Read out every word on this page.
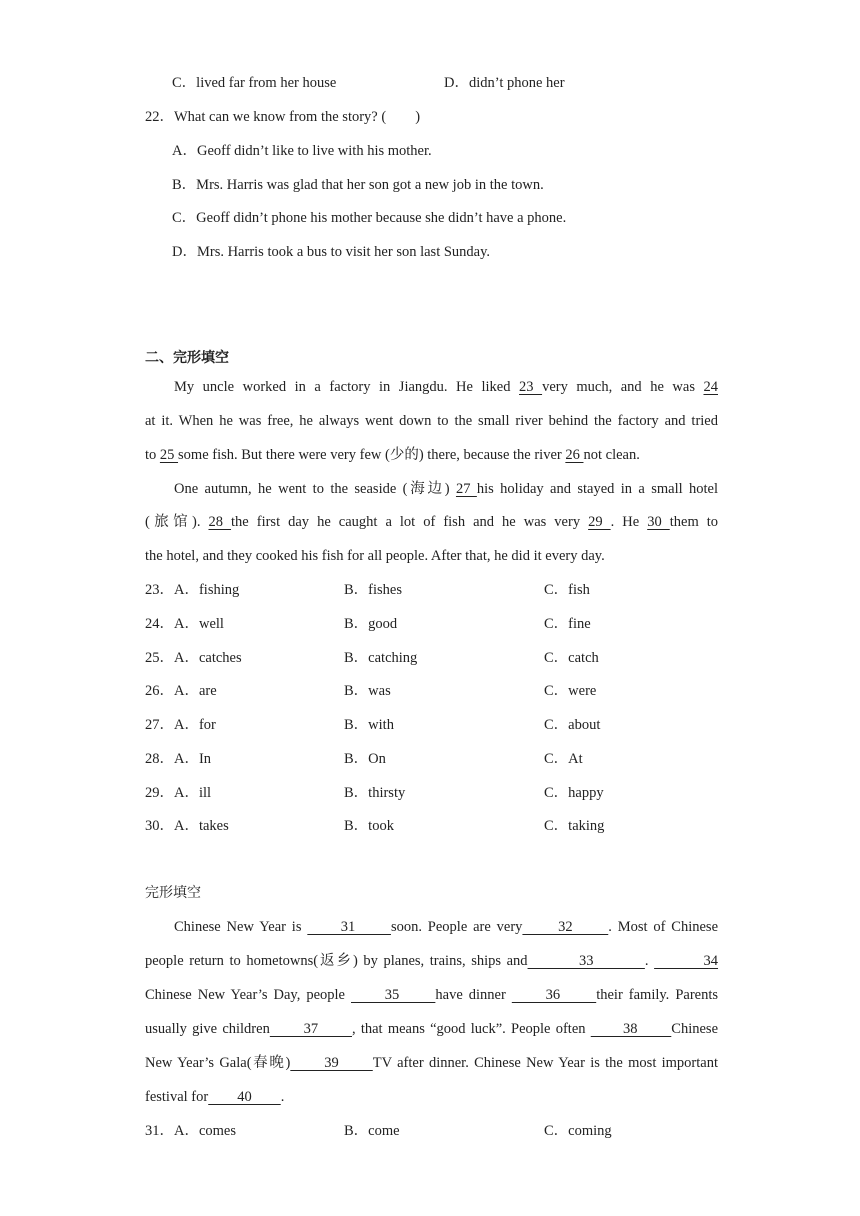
C．lived far from her house	D．didn’t phone her
22．What can we know from the story? (　　)
A．Geoff didn’t like to live with his mother.
B．Mrs. Harris was glad that her son got a new job in the town.
C．Geoff didn’t phone his mother because she didn’t have a phone.
D．Mrs. Harris took a bus to visit her son last Sunday.
二、完形填空
My uncle worked in a factory in Jiangdu. He liked 23 very much, and he was 24
at it. When he was free, he always went down to the small river behind the factory and tried
to 25 some fish. But there were very few (少的) there, because the river 26 not clean.
One autumn, he went to the seaside (海边) 27 his holiday and stayed in a small hotel
(旅馆). 28 the first day he caught a lot of fish and he was very 29 . He 30 them to
the hotel, and they cooked his fish for all people. After that, he did it every day.
23．A．fishing	B．fishes	C．fish
24．A．well	B．good	C．fine
25．A．catches	B．catching	C．catch
26．A．are	B．was	C．were
27．A．for	B．with	C．about
28．A．In	B．On	C．At
29．A．ill	B．thirsty	C．happy
30．A．takes	B．took	C．taking
完形填空
Chinese New Year is 　　31　　soon. People are very　　32　　. Most of Chinese
people return to hometowns(返乡) by planes, trains, ships and　　　33　　　. 　　　34
Chinese New Year’s Day, people 　　35　　have dinner 　　36　　their family. Parents
usually give children　　37　　, that means “good luck”. People often 　　38　　Chinese
New Year’s Gala(春晚)　　39　　TV after dinner. Chinese New Year is the most important
festival for　　40　　.
31．A．comes	B．come	C．coming
